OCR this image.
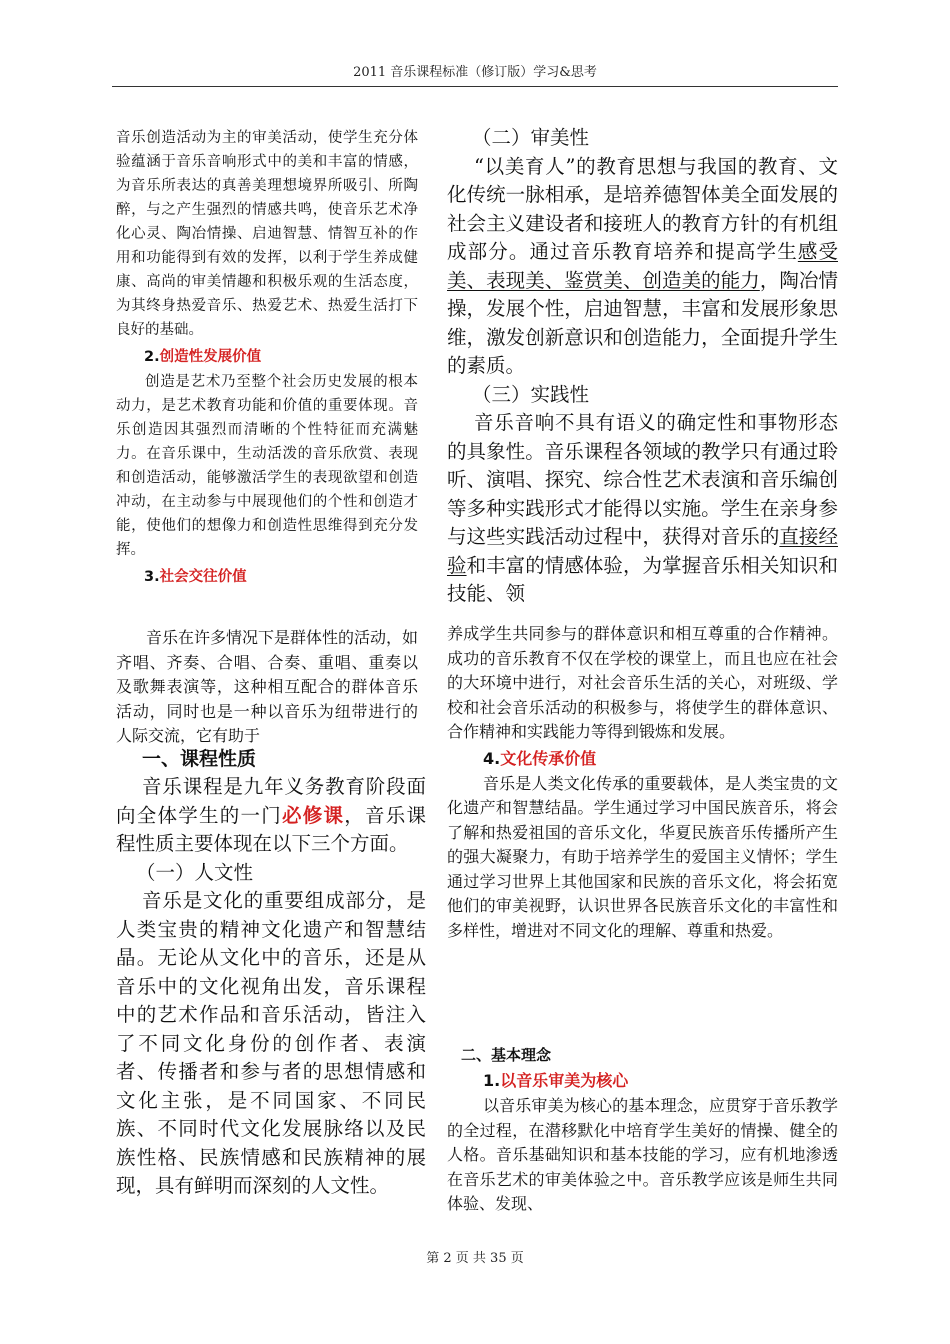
2011 音乐课程标准（修订版）学习&思考

音乐创造活动为主的审美活动，使学生充分体验蕴涵于音乐音响形式中的美和丰富的情感，为音乐所表达的真善美理想境界所吸引、所陶醉，与之产生强烈的情感共鸣，使音乐艺术净化心灵、陶冶情操、启迪智慧、情智互补的作用和功能得到有效的发挥，以利于学生养成健康、高尚的审美情趣和积极乐观的生活态度，为其终身热爱音乐、热爱艺术、热爱生活打下良好的基础。

2.创造性发展价值

创造是艺术乃至整个社会历史发展的根本动力，是艺术教育功能和价值的重要体现。音乐创造因其强烈而清晰的个性特征而充满魅力。在音乐课中，生动活泼的音乐欣赏、表现和创造活动，能够激活学生的表现欲望和创造冲动，在主动参与中展现他们的个性和创造才能，使他们的想像力和创造性思维得到充分发挥。

3.社会交往价值

音乐在许多情况下是群体性的活动，如齐唱、齐奏、合唱、合奏、重唱、重奏以及歌舞表演等，这种相互配合的群体音乐活动，同时也是一种以音乐为纽带进行的人际交流，它有助于

一、课程性质

音乐课程是九年义务教育阶段面向全体学生的一门必修课，音乐课程性质主要体现在以下三个方面。

（一）人文性

音乐是文化的重要组成部分，是人类宝贵的精神文化遗产和智慧结晶。无论从文化中的音乐，还是从音乐中的文化视角出发，音乐课程中的艺术作品和音乐活动，皆注入了不同文化身份的创作者、表演者、传播者和参与者的思想情感和文化主张，是不同国家、不同民族、不同时代文化发展脉络以及民族性格、民族情感和民族精神的展现，具有鲜明而深刻的人文性。

（二）审美性

“以美育人”的教育思想与我国的教育、文化传统一脉相承，是培养德智体美全面发展的社会主义建设者和接班人的教育方针的有机组成部分。通过音乐教育培养和提高学生感受美、表现美、鉴赏美、创造美的能力，陶冶情操，发展个性，启迪智慧，丰富和发展形象思维，激发创新意识和创造能力，全面提升学生的素质。

（三）实践性

音乐音响不具有语义的确定性和事物形态的具象性。音乐课程各领域的教学只有通过聆听、演唱、探究、综合性艺术表演和音乐编创等多种实践形式才能得以实施。学生在亲身参与这些实践活动过程中，获得对音乐的直接经验和丰富的情感体验，为掌握音乐相关知识和技能、领

养成学生共同参与的群体意识和相互尊重的合作精神。成功的音乐教育不仅在学校的课堂上，而且也应在社会的大环境中进行，对社会音乐生活的关心，对班级、学校和社会音乐活动的积极参与，将使学生的群体意识、合作精神和实践能力等得到锻炼和发展。

4.文化传承价值

音乐是人类文化传承的重要载体，是人类宝贵的文化遗产和智慧结晶。学生通过学习中国民族音乐，将会了解和热爱祖国的音乐文化，华夏民族音乐传播所产生的强大凝聚力，有助于培养学生的爱国主义情怀；学生通过学习世界上其他国家和民族的音乐文化，将会拓宽他们的审美视野，认识世界各民族音乐文化的丰富性和多样性，增进对不同文化的理解、尊重和热爱。

二、基本理念
1.以音乐审美为核心

以音乐审美为核心的基本理念，应贯穿于音乐教学的全过程，在潜移默化中培育学生美好的情操、健全的人格。音乐基础知识和基本技能的学习，应有机地渗透在音乐艺术的审美体验之中。音乐教学应该是师生共同体验、发现、

第 2 页 共 35 页
